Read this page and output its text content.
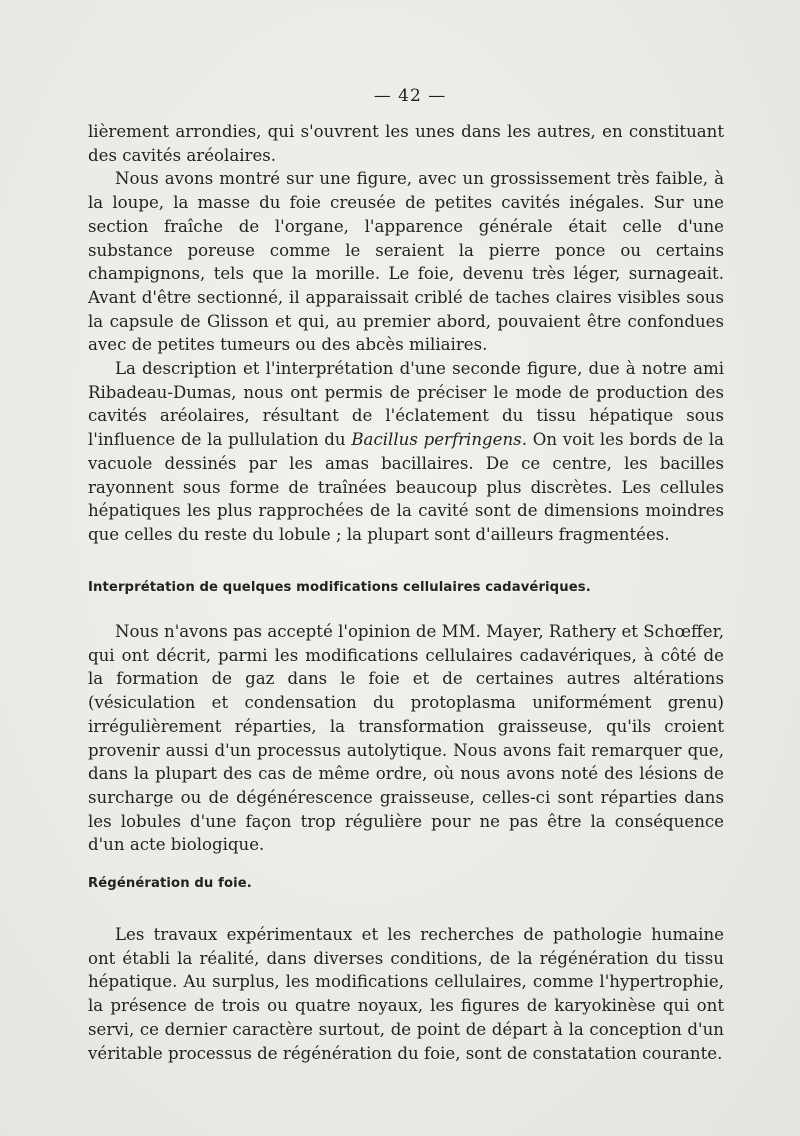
— 42 —

lièrement arrondies, qui s'ouvrent les unes dans les autres, en constituant des cavités aréolaires.

Nous avons montré sur une figure, avec un grossissement très faible, à la loupe, la masse du foie creusée de petites cavités inégales. Sur une section fraîche de l'organe, l'apparence générale était celle d'une substance poreuse comme le seraient la pierre ponce ou certains champignons, tels que la morille. Le foie, devenu très léger, surnageait. Avant d'être sectionné, il apparaissait criblé de taches claires visibles sous la capsule de Glisson et qui, au premier abord, pouvaient être confondues avec de petites tumeurs ou des abcès miliaires.

La description et l'interprétation d'une seconde figure, due à notre ami Ribadeau-Dumas, nous ont permis de préciser le mode de production des cavités aréolaires, résultant de l'éclatement du tissu hépatique sous l'influence de la pullulation du Bacillus perfringens. On voit les bords de la vacuole dessinés par les amas bacillaires. De ce centre, les bacilles rayonnent sous forme de traînées beaucoup plus discrètes. Les cellules hépatiques les plus rapprochées de la cavité sont de dimensions moindres que celles du reste du lobule ; la plupart sont d'ailleurs fragmentées.

Interprétation de quelques modifications cellulaires cadavériques.

Nous n'avons pas accepté l'opinion de MM. Mayer, Rathery et Schœffer, qui ont décrit, parmi les modifications cellulaires cadavériques, à côté de la formation de gaz dans le foie et de certaines autres altérations (vésiculation et condensation du protoplasma uniformément grenu) irrégulièrement réparties, la transformation graisseuse, qu'ils croient provenir aussi d'un processus autolytique. Nous avons fait remarquer que, dans la plupart des cas de même ordre, où nous avons noté des lésions de surcharge ou de dégénérescence graisseuse, celles-ci sont réparties dans les lobules d'une façon trop régulière pour ne pas être la conséquence d'un acte biologique.

Régénération du foie.

Les travaux expérimentaux et les recherches de pathologie humaine ont établi la réalité, dans diverses conditions, de la régénération du tissu hépatique. Au surplus, les modifications cellulaires, comme l'hypertrophie, la présence de trois ou quatre noyaux, les figures de karyokinèse qui ont servi, ce dernier caractère surtout, de point de départ à la conception d'un véritable processus de régénération du foie, sont de constatation courante.
